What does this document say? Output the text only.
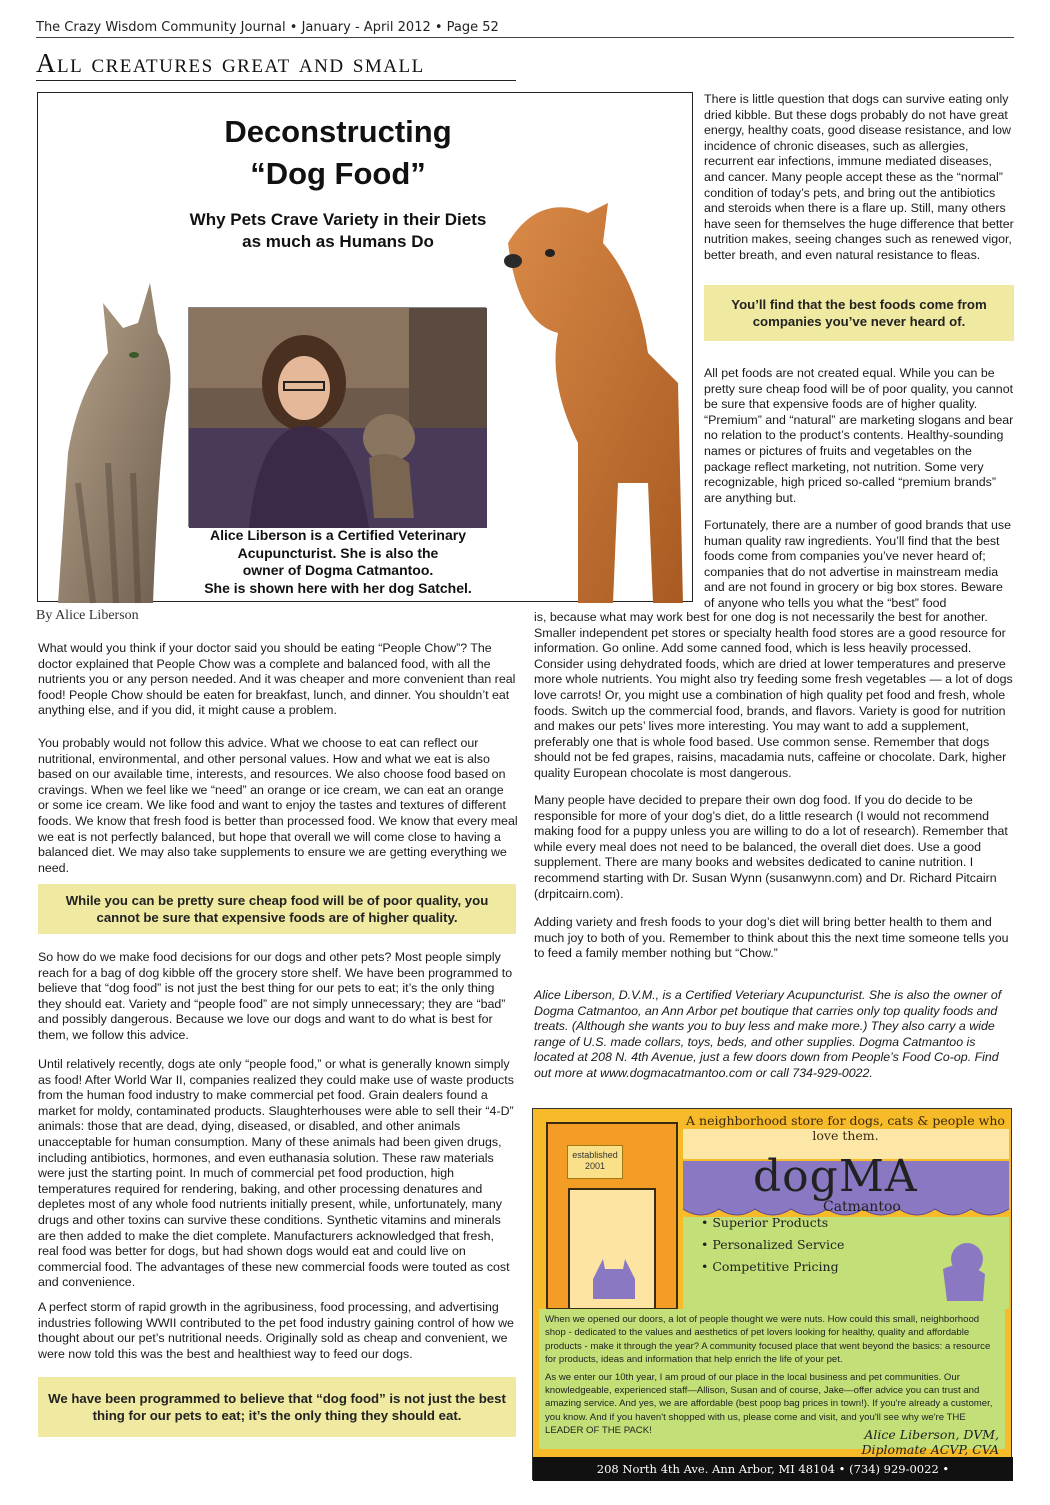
The Crazy Wisdom Community Journal • January - April 2012 • Page 52
All creatures great and small
Deconstructing
“Dog Food”
Why Pets Crave Variety in their Diets
as much as Humans Do
Alice Liberson is a Certified Veterinary
Acupuncturist. She is also the
owner of Dogma Catmantoo.
She is shown here with her dog Satchel.
By Alice Liberson

What would you think if your doctor said you should be eating “People Chow”? The doctor explained that People Chow was a complete and balanced food, with all the nutrients you or any person needed. And it was cheaper and more convenient than real food! People Chow should be eaten for breakfast, lunch, and dinner. You shouldn’t eat anything else, and if you did, it might cause a problem.

You probably would not follow this advice. What we choose to eat can reflect our nutritional, environmental, and other personal values. How and what we eat is also based on our available time, interests, and resources. We also choose food based on cravings. When we feel like we “need” an orange or ice cream, we can eat an orange or some ice cream. We like food and want to enjoy the tastes and textures of different foods. We know that fresh food is better than processed food. We know that every meal we eat is not perfectly balanced, but hope that overall we will come close to having a balanced diet. We may also take supplements to ensure we are getting everything we need.

While you can be pretty sure cheap food will be of poor quality, you cannot be sure that expensive foods are of higher quality.

So how do we make food decisions for our dogs and other pets? Most people simply reach for a bag of dog kibble off the grocery store shelf. We have been programmed to believe that “dog food” is not just the best thing for our pets to eat; it’s the only thing they should eat. Variety and “people food” are not simply unnecessary; they are “bad” and possibly dangerous. Because we love our dogs and want to do what is best for them, we follow this advice.

Until relatively recently, dogs ate only “people food,” or what is generally known simply as food! After World War II, companies realized they could make use of waste products from the human food industry to make commercial pet food. Grain dealers found a market for moldy, contaminated products. Slaughterhouses were able to sell their “4-D” animals: those that are dead, dying, diseased, or disabled, and other animals unacceptable for human consumption. Many of these animals had been given drugs, including antibiotics, hormones, and even euthanasia solution. These raw materials were just the starting point. In much of commercial pet food production, high temperatures required for rendering, baking, and other processing denatures and depletes most of any whole food nutrients initially present, while, unfortunately, many drugs and other toxins can survive these conditions. Synthetic vitamins and minerals are then added to make the diet complete. Manufacturers acknowledged that fresh, real food was better for dogs, but had shown dogs would eat and could live on commercial food. The advantages of these new commercial foods were touted as cost and convenience.

A perfect storm of rapid growth in the agribusiness, food processing, and advertising industries following WWII contributed to the pet food industry gaining control of how we thought about our pet’s nutritional needs. Originally sold as cheap and convenient, we were now told this was the best and healthiest way to feed our dogs.

We have been programmed to believe that “dog food” is not just the best thing for our pets to eat; it’s the only thing they should eat.

There is little question that dogs can survive eating only dried kibble. But these dogs probably do not have great energy, healthy coats, good disease resistance, and low incidence of chronic diseases, such as allergies, recurrent ear infections, immune mediated diseases, and cancer. Many people accept these as the “normal” condition of today’s pets, and bring out the antibiotics and steroids when there is a flare up. Still, many others have seen for themselves the huge difference that better nutrition makes, seeing changes such as renewed vigor, better breath, and even natural resistance to fleas.

You’ll find that the best foods come from companies you’ve never heard of.

All pet foods are not created equal. While you can be pretty sure cheap food will be of poor quality, you cannot be sure that expensive foods are of higher quality. “Premium” and “natural” are marketing slogans and bear no relation to the product’s contents. Healthy-sounding names or pictures of fruits and vegetables on the package reflect marketing, not nutrition. Some very recognizable, high priced so-called “premium brands” are anything but.

Fortunately, there are a number of good brands that use human quality raw ingredients. You’ll find that the best foods come from companies you’ve never heard of; companies that do not advertise in mainstream media and are not found in grocery or big box stores. Beware of anyone who tells you what the “best” food

is, because what may work best for one dog is not necessarily the best for another. Smaller independent pet stores or specialty health food stores are a good resource for information. Go online. Add some canned food, which is less heavily processed. Consider using dehydrated foods, which are dried at lower temperatures and preserve more whole nutrients. You might also try feeding some fresh vegetables — a lot of dogs love carrots! Or, you might use a combination of high quality pet food and fresh, whole foods. Switch up the commercial food, brands, and flavors. Variety is good for nutrition and makes our pets’ lives more interesting. You may want to add a supplement, preferably one that is whole food based. Use common sense. Remember that dogs should not be fed grapes, raisins, macadamia nuts, caffeine or chocolate. Dark, higher quality European chocolate is most dangerous.

Many people have decided to prepare their own dog food. If you do decide to be responsible for more of your dog’s diet, do a little research (I would not recommend making food for a puppy unless you are willing to do a lot of research). Remember that while every meal does not need to be balanced, the overall diet does. Use a good supplement. There are many books and websites dedicated to canine nutrition. I recommend starting with Dr. Susan Wynn (susanwynn.com) and Dr. Richard Pitcairn (drpitcairn.com).

Adding variety and fresh foods to your dog’s diet will bring better health to them and much joy to both of you. Remember to think about this the next time someone tells you to feed a family member nothing but “Chow.”

Alice Liberson, D.V.M., is a Certified Veteriary Acupuncturist. She is also the owner of Dogma Catmantoo, an Ann Arbor pet boutique that carries only top quality foods and treats. (Although she wants you to buy less and make more.) They also carry a wide range of U.S. made collars, toys, beds, and other supplies. Dogma Catmantoo is located at 208 N. 4th Avenue, just a few doors down from People’s Food Co-op. Find out more at www.dogmacatmantoo.com or call 734-929-0022.

A neighborhood store for dogs, cats & people who love them.
established 2001	dogMA
Catmantoo
• Superior Products
• Personalized Service
• Competitive Pricing

When we opened our doors, a lot of people thought we were nuts. How could this small, neighborhood shop - dedicated to the values and aesthetics of pet lovers looking for healthy, quality and affordable products - make it through the year? A community focused place that went beyond the basics: a resource for products, ideas and information that help enrich the life of your pet.

As we enter our 10th year, I am proud of our place in the local business and pet communities. Our knowledgeable, experienced staff—Allison, Susan and of course, Jake—offer advice you can trust and amazing service. And yes, we are affordable (best poop bag prices in town!). If you're already a customer, you know. And if you haven't shopped with us, please come and visit, and you'll see why we're THE LEADER OF THE PACK!	Alice Liberson, DVM, Diplomate ACVP, CVA
208 North 4th Ave. Ann Arbor, MI 48104 • (734) 929-0022 • www.dogmacatmantoo.com
